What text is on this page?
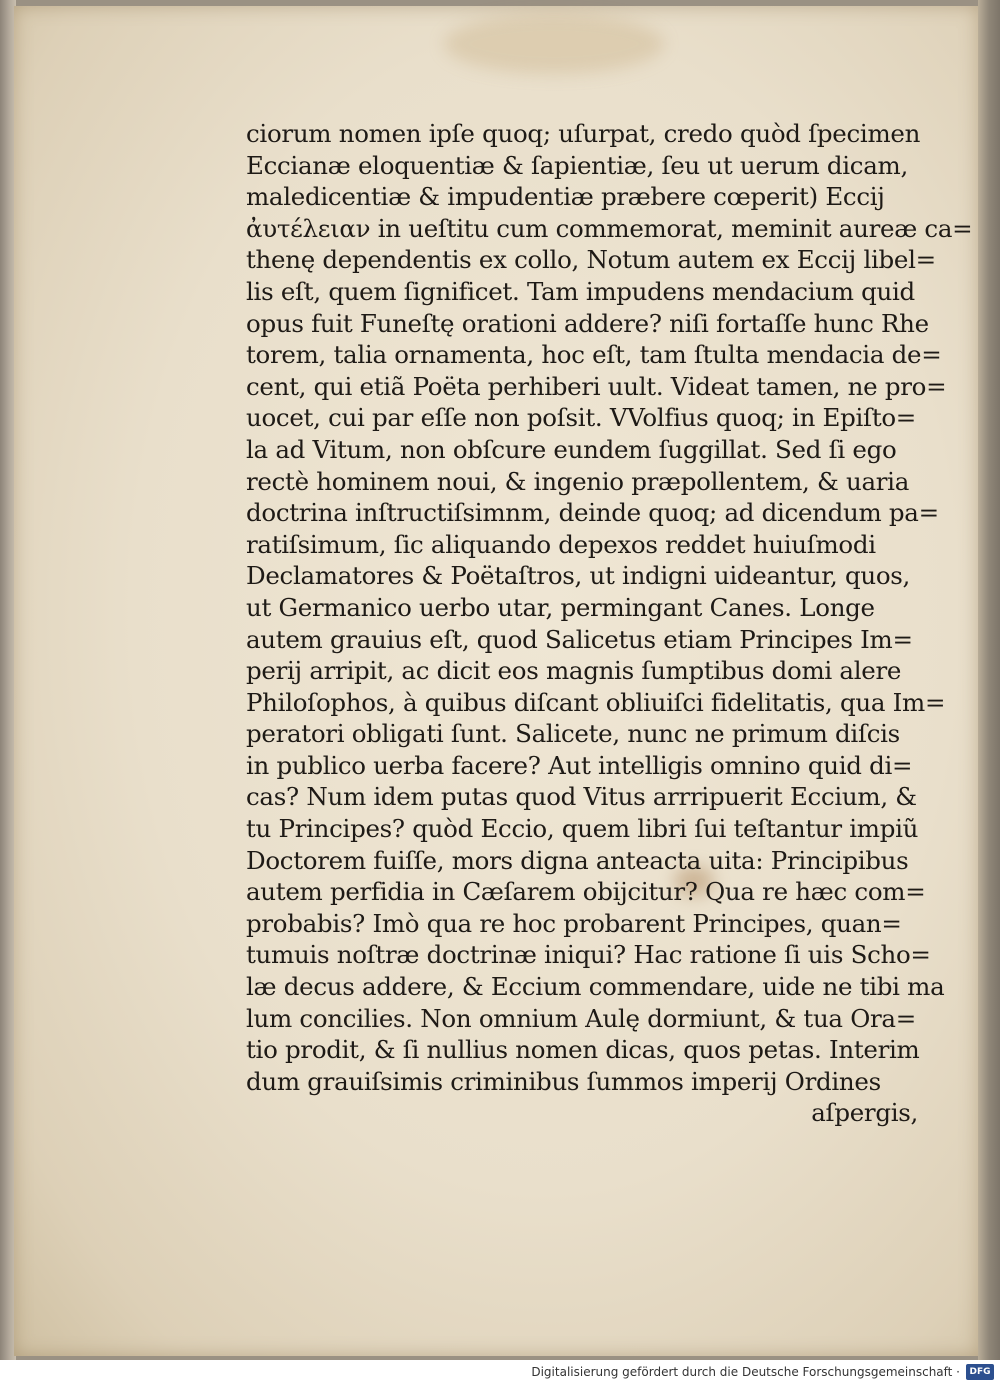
ciorum nomen ipſe quoq; uſurpat, credo quòd ſpecimen
Eccianæ eloquentiæ & ſapientiæ, ſeu ut uerum dicam,
maledicentiæ & impudentiæ præbere cœperit) Eccij
ἀυτέλειαν in ueſtitu cum commemorat, meminit aureæ ca=
thenę dependentis ex collo, Notum autem ex Eccij libel=
lis eſt, quem ſignificet. Tam impudens mendacium quid
opus fuit Funeſtę orationi addere? niſi fortaſſe hunc Rhe
torem, talia ornamenta, hoc eſt, tam ſtulta mendacia de=
cent, qui etiã Poëta perhiberi uult. Videat tamen, ne pro=
uocet, cui par eſſe non poſsit. VVolfius quoq; in Epiſto=
la ad Vitum, non obſcure eundem ſuggillat. Sed ſi ego
rectè hominem noui, & ingenio præpollentem, & uaria
doctrina inſtructiſsimnm, deinde quoq; ad dicendum pa=
ratiſsimum, ſic aliquando depexos reddet huiuſmodi
Declamatores & Poëtaſtros, ut indigni uideantur, quos,
ut Germanico uerbo utar, permingant Canes. Longe
autem grauius eſt, quod Salicetus etiam Principes Im=
perij arripit, ac dicit eos magnis ſumptibus domi alere
Philoſophos, à quibus diſcant obliuiſci fidelitatis, qua Im=
peratori obligati ſunt. Salicete, nunc ne primum diſcis
in publico uerba facere? Aut intelligis omnino quid di=
cas? Num idem putas quod Vitus arrripuerit Eccium, &
tu Principes? quòd Eccio, quem libri ſui teſtantur impiũ
Doctorem fuiſſe, mors digna anteacta uita: Principibus
autem perfidia in Cæſarem obijcitur? Qua re hæc com=
probabis? Imò qua re hoc probarent Principes, quan=
tumuis noſtræ doctrinæ iniqui? Hac ratione ſi uis Scho=
læ decus addere, & Eccium commendare, uide ne tibi ma
lum concilies. Non omnium Aulę dormiunt, & tua Ora=
tio prodit, & ſi nullius nomen dicas, quos petas. Interim
dum grauiſsimis criminibus ſummos imperij Ordines
aſpergis,
Digitalisierung gefördert durch die Deutsche Forschungsgemeinschaft ·	DFG
